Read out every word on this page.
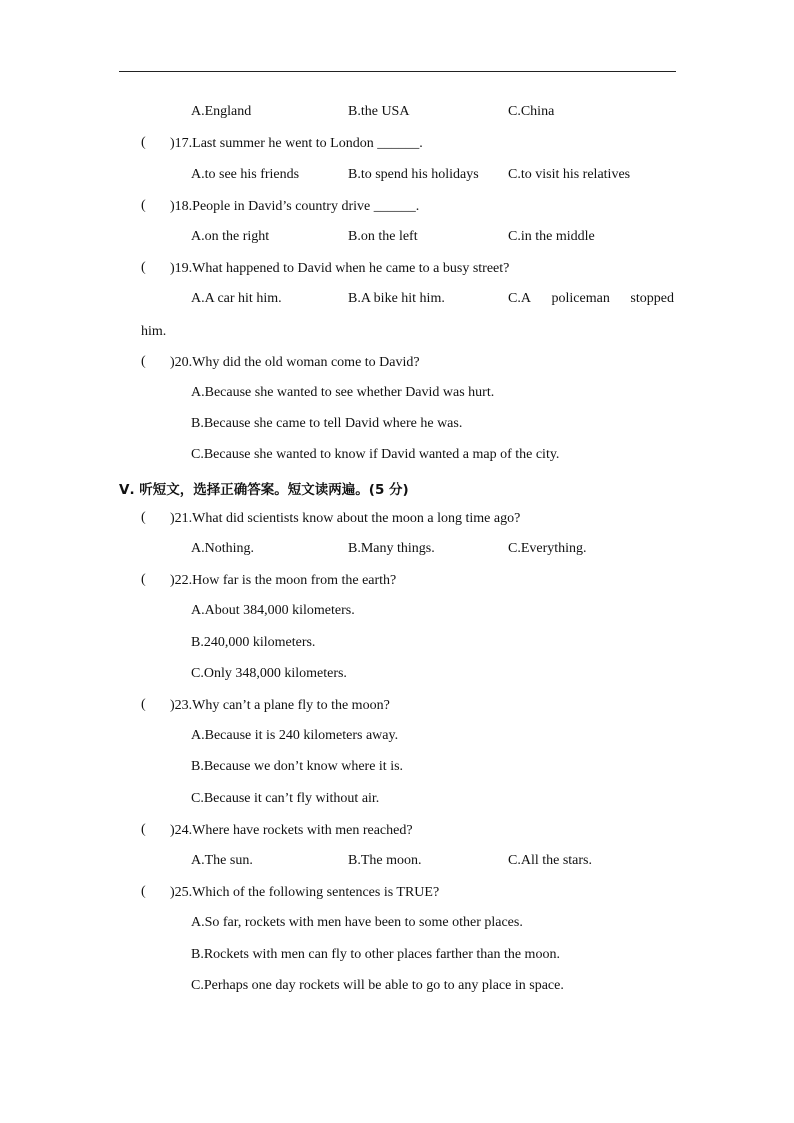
A.England	B.the USA	C.China
( )17.Last summer he went to London ______.
A.to see his friends	B.to spend his holidays C.to visit his relatives
( )18.People in David’s country drive ______.
A.on the right	B.on the left	C.in the middle
( )19.What happened to David when he came to a busy street?
A.A car hit him.	B.A bike hit him.	C.A policeman stopped
him.
( )20.Why did the old woman come to David?
A.Because she wanted to see whether David was hurt.
B.Because she came to tell David where he was.
C.Because she wanted to know if David wanted a map of the city.
Ⅴ. 听短文，选择正确答案。短文读两遍。(5 分)
( )21.What did scientists know about the moon a long time ago?
A.Nothing.	B.Many things.	C.Everything.
( )22.How far is the moon from the earth?
A.About 384,000 kilometers.
B.240,000 kilometers.
C.Only 348,000 kilometers.
( )23.Why can’t a plane fly to the moon?
A.Because it is 240 kilometers away.
B.Because we don’t know where it is.
C.Because it can’t fly without air.
( )24.Where have rockets with men reached?
A.The sun.	B.The moon.	C.All the stars.
( )25.Which of the following sentences is TRUE?
A.So far, rockets with men have been to some other places.
B.Rockets with men can fly to other places farther than the moon.
C.Perhaps one day rockets will be able to go to any place in space.
